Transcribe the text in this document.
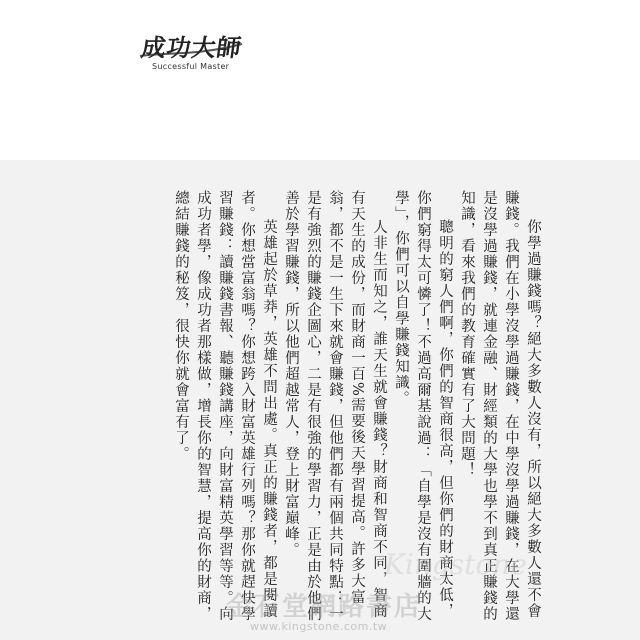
成功大師
Successful Master

你學過賺錢嗎？絕大多數人沒有，所以絕大多數人還不會賺錢。我們在小學沒學過賺錢，在中學沒學過賺錢，在大學還是沒學過賺錢，就連金融、財經類的大學也學不到真正賺錢的知識，看來我們的教育確實有了大問題！

聰明的窮人們啊，你們的智商很高，但你們的財商太低，你們窮得太可憐了！不過高爾基說過：「自學是沒有圍牆的大學」，你們可以自學賺錢知識。

人非生而知之，誰天生就會賺錢？財商和智商不同，智商有天生的成份，而財商一百%需要後天學習提高。許多大富翁，都不是一生下來就會賺錢，但他們都有兩個共同特點：一是有強烈的賺錢企圖心，二是有很強的學習力，正是由於他們善於學習賺錢，所以他們超越常人，登上財富巔峰。

英雄起於草莽，英雄不問出處。真正的賺錢者，都是閱讀者。你想當富翁嗎？你想跨入財富英雄行列嗎？那你就趕快學習賺錢：讀賺錢書報、聽賺錢講座，向財富精英學習等等。向成功者學，像成功者那樣做，增長你的智慧，提高你的財商，總結賺錢的秘笈，很快你就會富有了。

Kingstone
金石堂網路書店
www.kingstone.com.tw
